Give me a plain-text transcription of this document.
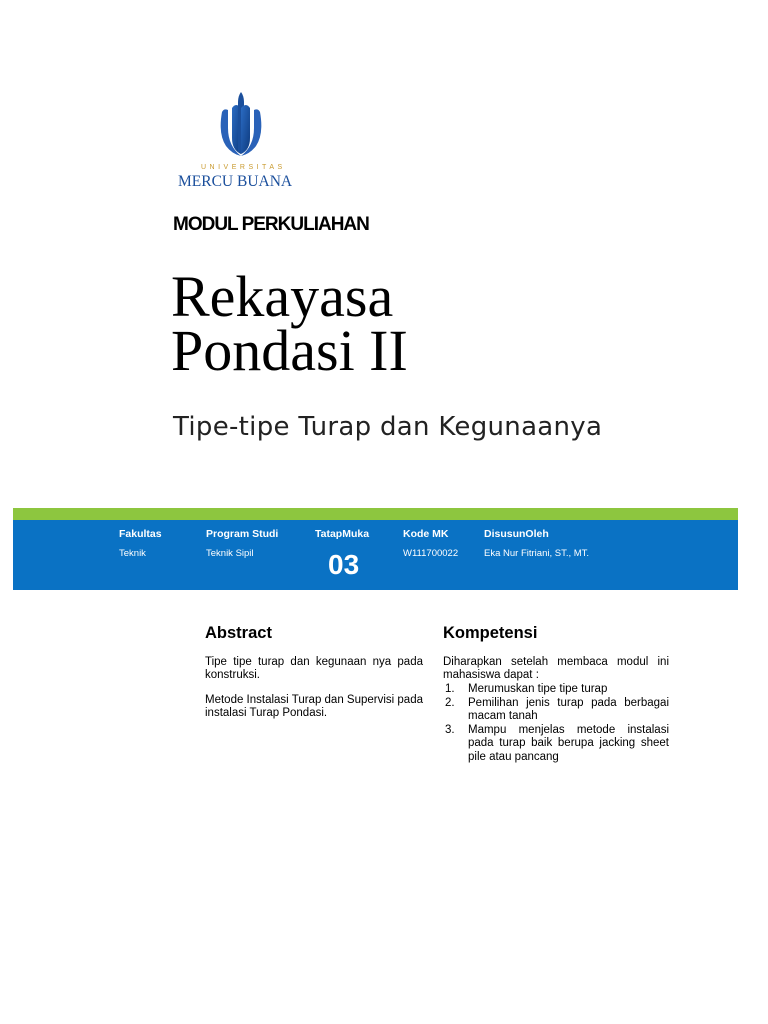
UNIVERSITAS
MERCU BUANA
MODUL PERKULIAHAN
Rekayasa
Pondasi II
Tipe-tipe Turap dan Kegunaanya
Fakultas
Teknik
Program Studi
Teknik Sipil
TatapMuka
03
Kode MK
W111700022
DisusunOleh
Eka Nur Fitriani, ST., MT.
Abstract
Tipe tipe turap dan kegunaan nya pada konstruksi.
Metode Instalasi Turap dan Supervisi pada instalasi Turap Pondasi.
Kompetensi
Diharapkan setelah membaca modul ini mahasiswa dapat :
1. Merumuskan tipe tipe turap
2. Pemilihan jenis turap pada berbagai macam tanah
3. Mampu menjelas metode instalasi pada turap baik berupa jacking sheet pile atau pancang
